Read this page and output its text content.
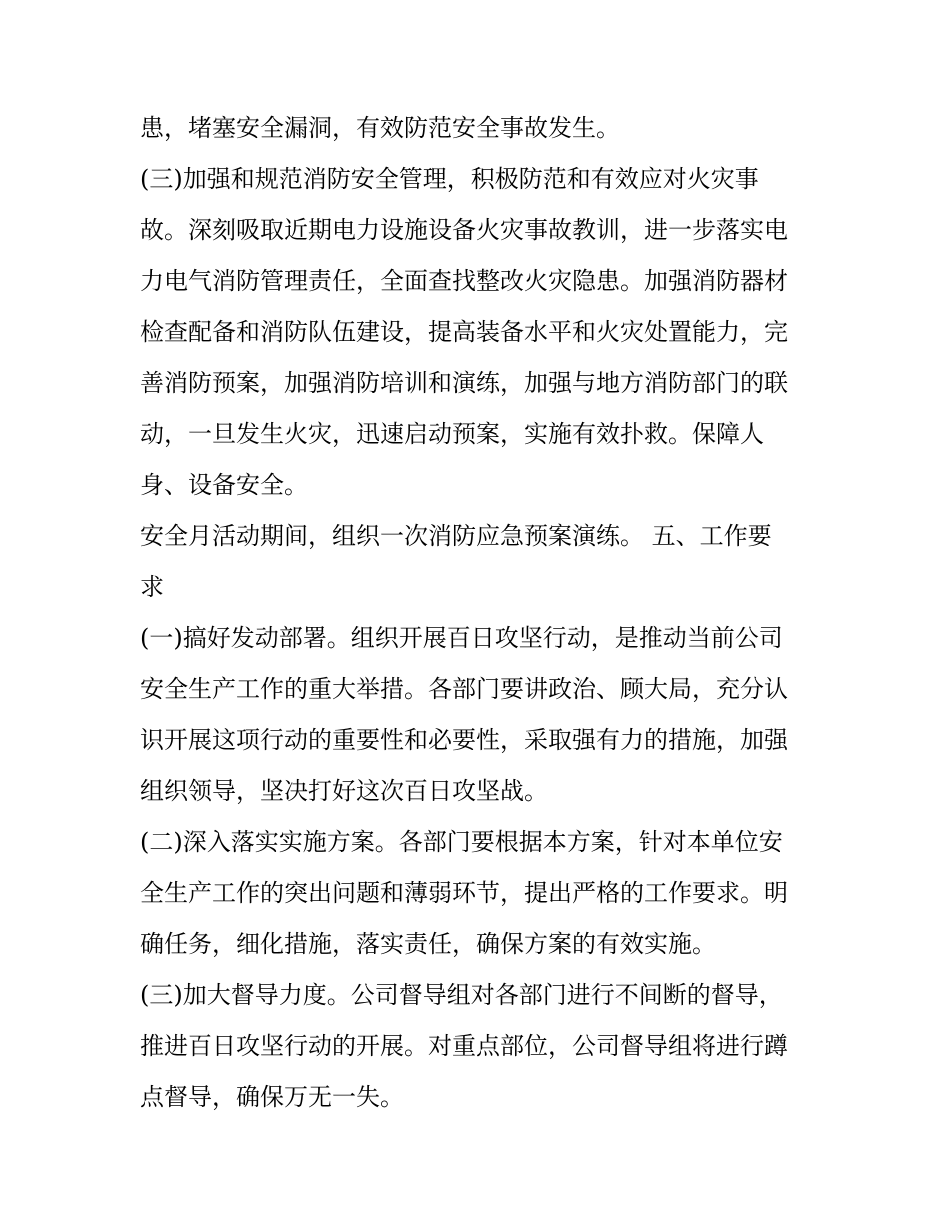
患，堵塞安全漏洞，有效防范安全事故发生。
(三)加强和规范消防安全管理，积极防范和有效应对火灾事
故。深刻吸取近期电力设施设备火灾事故教训，进一步落实电
力电气消防管理责任，全面查找整改火灾隐患。加强消防器材
检查配备和消防队伍建设，提高装备水平和火灾处置能力，完
善消防预案，加强消防培训和演练，加强与地方消防部门的联
动，一旦发生火灾，迅速启动预案，实施有效扑救。保障人
身、设备安全。
安全月活动期间，组织一次消防应急预案演练。 五、工作要
求
(一)搞好发动部署。组织开展百日攻坚行动，是推动当前公司
安全生产工作的重大举措。各部门要讲政治、顾大局，充分认
识开展这项行动的重要性和必要性，采取强有力的措施，加强
组织领导，坚决打好这次百日攻坚战。
(二)深入落实实施方案。各部门要根据本方案，针对本单位安
全生产工作的突出问题和薄弱环节，提出严格的工作要求。明
确任务，细化措施，落实责任，确保方案的有效实施。
(三)加大督导力度。公司督导组对各部门进行不间断的督导，
推进百日攻坚行动的开展。对重点部位，公司督导组将进行蹲
点督导，确保万无一失。
